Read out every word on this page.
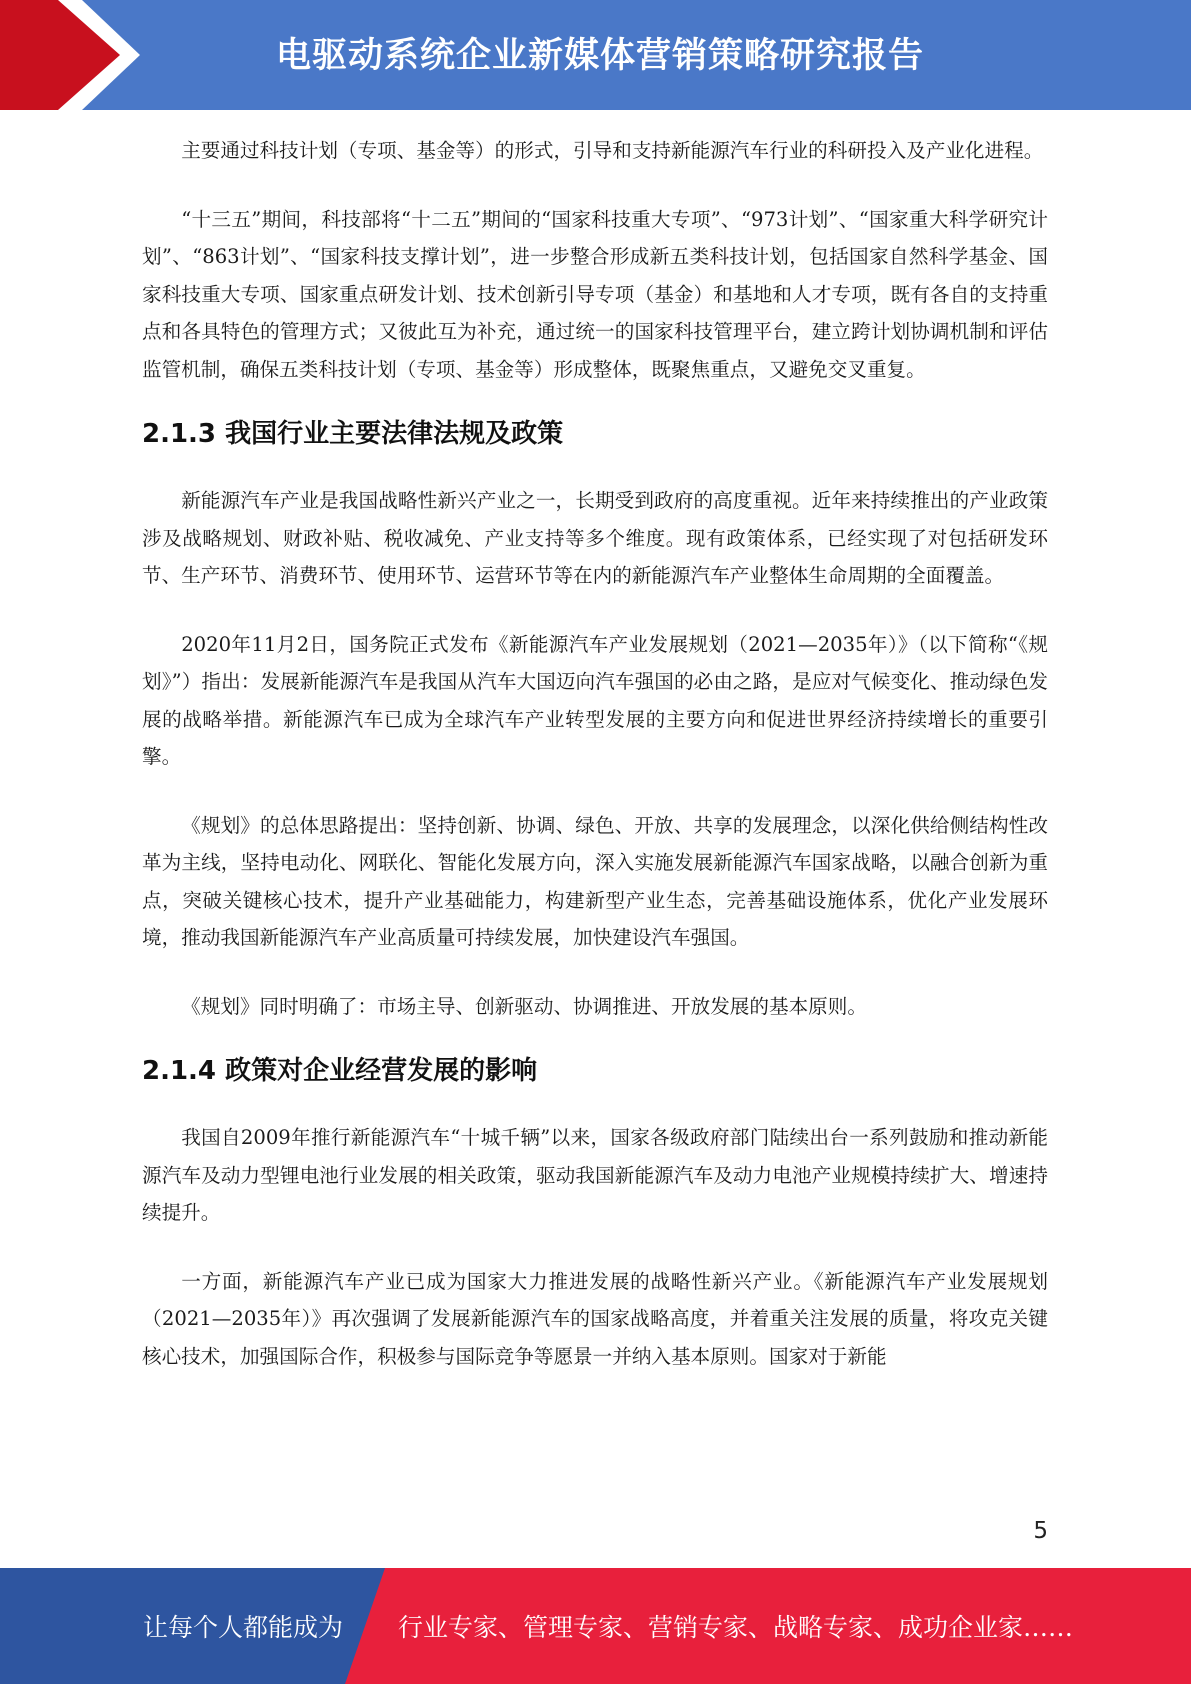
电驱动系统企业新媒体营销策略研究报告

主要通过科技计划（专项、基金等）的形式，引导和支持新能源汽车行业的科研投入及产业化进程。

“十三五”期间，科技部将“十二五”期间的“国家科技重大专项”、“973计划”、“国家重大科学研究计划”、“863计划”、“国家科技支撑计划”，进一步整合形成新五类科技计划，包括国家自然科学基金、国家科技重大专项、国家重点研发计划、技术创新引导专项（基金）和基地和人才专项，既有各自的支持重点和各具特色的管理方式；又彼此互为补充，通过统一的国家科技管理平台，建立跨计划协调机制和评估监管机制，确保五类科技计划（专项、基金等）形成整体，既聚焦重点，又避免交叉重复。

2.1.3 我国行业主要法律法规及政策

新能源汽车产业是我国战略性新兴产业之一，长期受到政府的高度重视。近年来持续推出的产业政策涉及战略规划、财政补贴、税收减免、产业支持等多个维度。现有政策体系，已经实现了对包括研发环节、生产环节、消费环节、使用环节、运营环节等在内的新能源汽车产业整体生命周期的全面覆盖。

2020年11月2日，国务院正式发布《新能源汽车产业发展规划（2021—2035年）》（以下简称“《规划》”）指出：发展新能源汽车是我国从汽车大国迈向汽车强国的必由之路，是应对气候变化、推动绿色发展的战略举措。新能源汽车已成为全球汽车产业转型发展的主要方向和促进世界经济持续增长的重要引擎。

《规划》的总体思路提出：坚持创新、协调、绿色、开放、共享的发展理念，以深化供给侧结构性改革为主线，坚持电动化、网联化、智能化发展方向，深入实施发展新能源汽车国家战略，以融合创新为重点，突破关键核心技术，提升产业基础能力，构建新型产业生态，完善基础设施体系，优化产业发展环境，推动我国新能源汽车产业高质量可持续发展，加快建设汽车强国。

《规划》同时明确了：市场主导、创新驱动、协调推进、开放发展的基本原则。

2.1.4 政策对企业经营发展的影响

我国自2009年推行新能源汽车“十城千辆”以来，国家各级政府部门陆续出台一系列鼓励和推动新能源汽车及动力型锂电池行业发展的相关政策，驱动我国新能源汽车及动力电池产业规模持续扩大、增速持续提升。

一方面，新能源汽车产业已成为国家大力推进发展的战略性新兴产业。《新能源汽车产业发展规划（2021—2035年）》再次强调了发展新能源汽车的国家战略高度，并着重关注发展的质量，将攻克关键核心技术，加强国际合作，积极参与国际竞争等愿景一并纳入基本原则。国家对于新能

5
让每个人都能成为 行业专家、管理专家、营销专家、战略专家、成功企业家……
